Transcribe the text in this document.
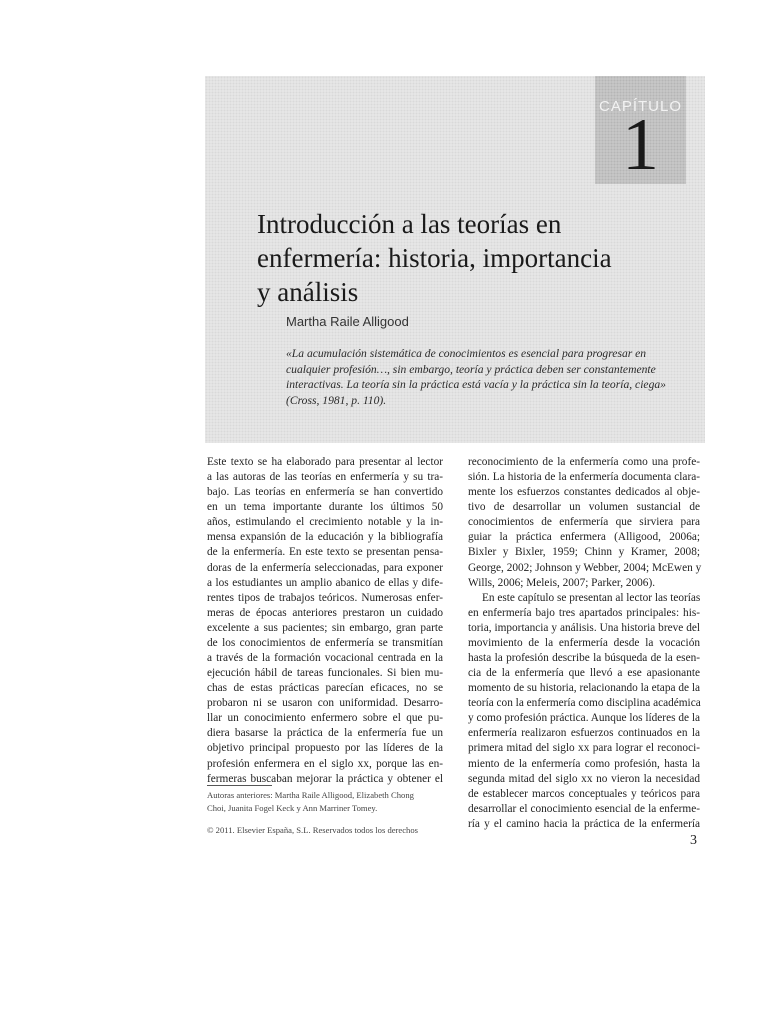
CAPÍTULO
1
Introducción a las teorías en
enfermería: historia, importancia
y análisis
Martha Raile Alligood
«La acumulación sistemática de conocimientos es esencial para progresar en
cualquier profesión…, sin embargo, teoría y práctica deben ser constantemente
interactivas. La teoría sin la práctica está vacía y la práctica sin la teoría, ciega»
(Cross, 1981, p. 110).
Este texto se ha elaborado para presentar al lector
a las autoras de las teorías en enfermería y su tra-
bajo. Las teorías en enfermería se han convertido
en un tema importante durante los últimos 50
años, estimulando el crecimiento notable y la in-
mensa expansión de la educación y la bibliografía
de la enfermería. En este texto se presentan pensa-
doras de la enfermería seleccionadas, para exponer
a los estudiantes un amplio abanico de ellas y dife-
rentes tipos de trabajos teóricos. Numerosas enfer-
meras de épocas anteriores prestaron un cuidado
excelente a sus pacientes; sin embargo, gran parte
de los conocimientos de enfermería se transmitían
a través de la formación vocacional centrada en la
ejecución hábil de tareas funcionales. Si bien mu-
chas de estas prácticas parecían eficaces, no se
probaron ni se usaron con uniformidad. Desarro-
llar un conocimiento enfermero sobre el que pu-
diera basarse la práctica de la enfermería fue un
objetivo principal propuesto por las líderes de la
profesión enfermera en el siglo xx, porque las en-
fermeras buscaban mejorar la práctica y obtener el
reconocimiento de la enfermería como una profe-
sión. La historia de la enfermería documenta clara-
mente los esfuerzos constantes dedicados al obje-
tivo de desarrollar un volumen sustancial de
conocimientos de enfermería que sirviera para
guiar la práctica enfermera (Alligood, 2006a;
Bixler y Bixler, 1959; Chinn y Kramer, 2008;
George, 2002; Johnson y Webber, 2004; McEwen y
Wills, 2006; Meleis, 2007; Parker, 2006).
En este capítulo se presentan al lector las teorías
en enfermería bajo tres apartados principales: his-
toria, importancia y análisis. Una historia breve del
movimiento de la enfermería desde la vocación
hasta la profesión describe la búsqueda de la esen-
cia de la enfermería que llevó a ese apasionante
momento de su historia, relacionando la etapa de la
teoría con la enfermería como disciplina académica
y como profesión práctica. Aunque los líderes de la
enfermería realizaron esfuerzos continuados en la
primera mitad del siglo xx para lograr el reconoci-
miento de la enfermería como profesión, hasta la
segunda mitad del siglo xx no vieron la necesidad
de establecer marcos conceptuales y teóricos para
desarrollar el conocimiento esencial de la enferme-
ría y el camino hacia la práctica de la enfermería
Autoras anteriores: Martha Raile Alligood, Elizabeth Chong
Choi, Juanita Fogel Keck y Ann Marriner Tomey.
© 2011. Elsevier España, S.L. Reservados todos los derechos
3
